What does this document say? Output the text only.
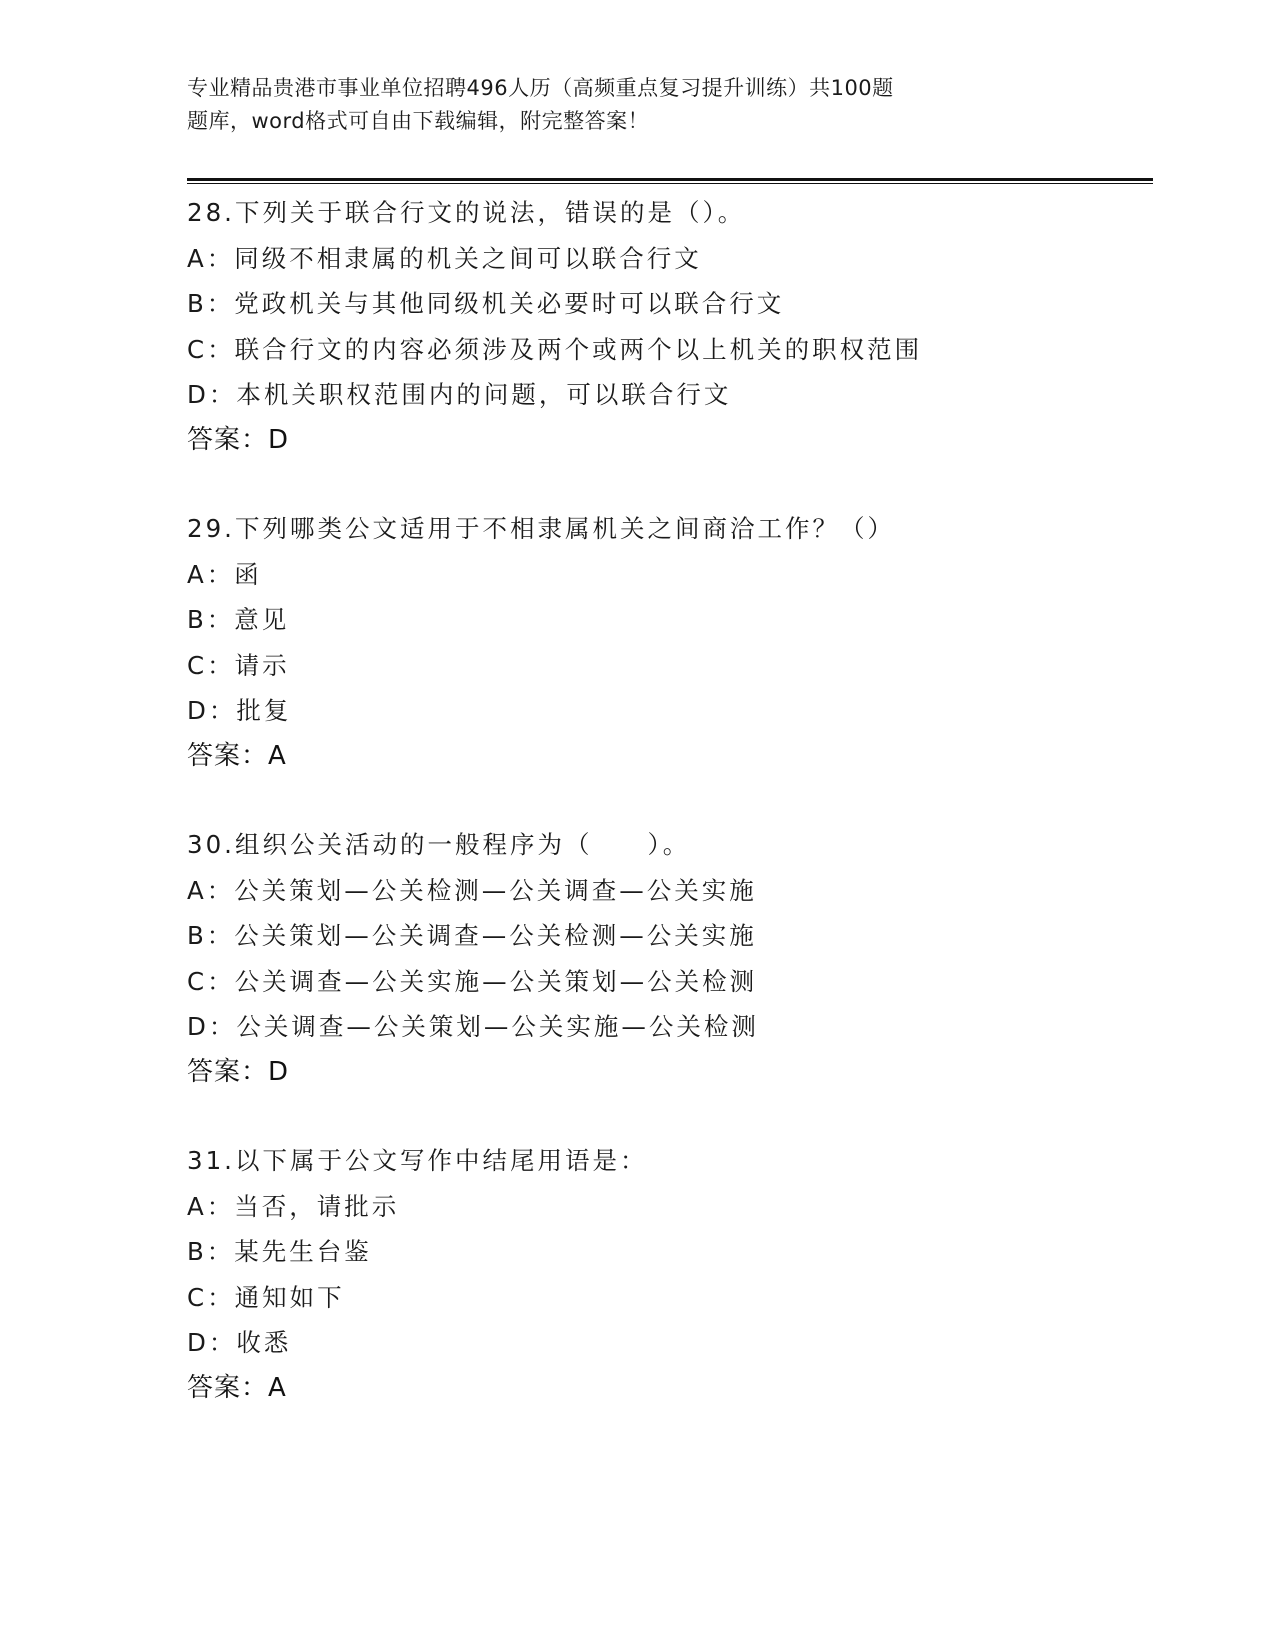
专业精品贵港市事业单位招聘496人历（高频重点复习提升训练）共100题
题库，word格式可自由下载编辑，附完整答案！
28.下列关于联合行文的说法，错误的是（）。
A：同级不相隶属的机关之间可以联合行文
B：党政机关与其他同级机关必要时可以联合行文
C：联合行文的内容必须涉及两个或两个以上机关的职权范围
D：本机关职权范围内的问题，可以联合行文
答案：D
29.下列哪类公文适用于不相隶属机关之间商洽工作？（）
A：函
B：意见
C：请示
D：批复
答案：A
30.组织公关活动的一般程序为（　　）。
A：公关策划—公关检测—公关调查—公关实施
B：公关策划—公关调查—公关检测—公关实施
C：公关调查—公关实施—公关策划—公关检测
D：公关调查—公关策划—公关实施—公关检测
答案：D
31.以下属于公文写作中结尾用语是：
A：当否，请批示
B：某先生台鉴
C：通知如下
D：收悉
答案：A
